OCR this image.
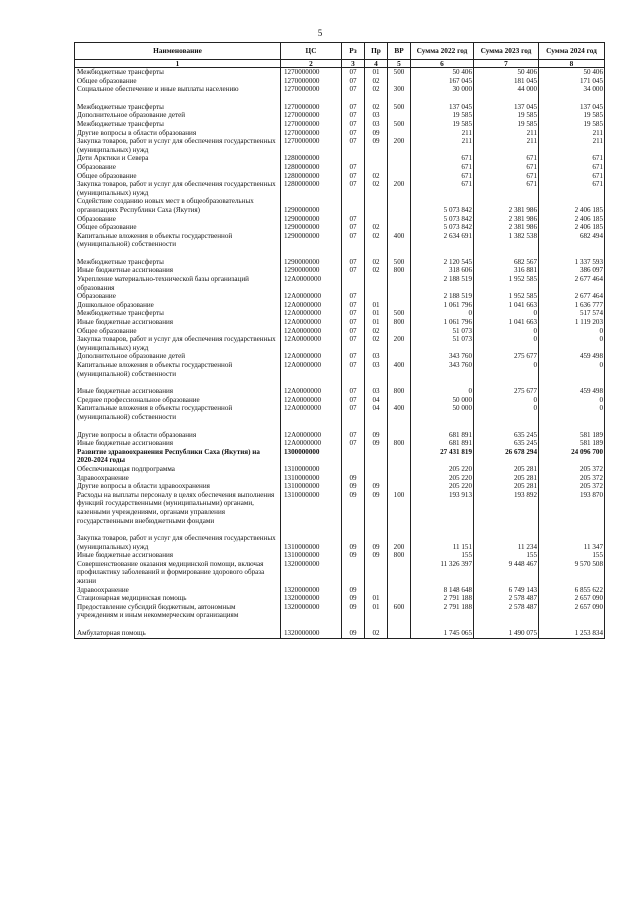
5
Наименование	ЦС	Рз	Пр	ВР	Сумма 2022 год	Сумма 2023 год	Сумма 2024 год
1	2	3	4	5	6	7	8
Межбюджетные трансферты	1270000000	07	01	500	50 406	50 406	50 406
Общее образование	1270000000	07	02		167 045	181 045	171 045
Социальное обеспечение и иные выплаты населению	1270000000	07	02	300	30 000	44 000	34 000

Межбюджетные трансферты	1270000000	07	02	500	137 045	137 045	137 045
Дополнительное образование детей	1270000000	07	03		19 585	19 585	19 585
Межбюджетные трансферты	1270000000	07	03	500	19 585	19 585	19 585
Другие вопросы в области образования	1270000000	07	09		211	211	211
Закупка товаров, работ и услуг для обеспечения государственных (муниципальных) нужд	1270000000	07	09	200	211	211	211
Дети Арктики и Севера	1280000000				671	671	671
Образование	1280000000	07			671	671	671
Общее образование	1280000000	07	02		671	671	671
Закупка товаров, работ и услуг для обеспечения государственных (муниципальных) нужд	1280000000	07	02	200	671	671	671
Содействие созданию новых мест в общеобразовательных организациях Республики Саха (Якутия)	1290000000				5 073 842	2 381 986	2 406 185
Образование	1290000000	07			5 073 842	2 381 986	2 406 185
Общее образование	1290000000	07	02		5 073 842	2 381 986	2 406 185
Капитальные вложения в объекты государственной (муниципальной) собственности	1290000000	07	02	400	2 634 691	1 382 538	682 494

Межбюджетные трансферты	1290000000	07	02	500	2 120 545	682 567	1 337 593
Иные бюджетные ассигнования	1290000000	07	02	800	318 606	316 881	386 097
Укрепление материально-технической базы организаций образования	12A0000000				2 188 519	1 952 585	2 677 464
Образование	12A0000000	07			2 188 519	1 952 585	2 677 464
Дошкольное образование	12A0000000	07	01		1 061 796	1 041 663	1 636 777
Межбюджетные трансферты	12A0000000	07	01	500	0	0	517 574
Иные бюджетные ассигнования	12A0000000	07	01	800	1 061 796	1 041 663	1 119 203
Общее образование	12A0000000	07	02		51 073	0	0
Закупка товаров, работ и услуг для обеспечения государственных (муниципальных) нужд	12A0000000	07	02	200	51 073	0	0
Дополнительное образование детей	12A0000000	07	03		343 760	275 677	459 498
Капитальные вложения в объекты государственной (муниципальной) собственности	12A0000000	07	03	400	343 760	0	0

Иные бюджетные ассигнования	12A0000000	07	03	800	0	275 677	459 498
Среднее профессиональное образование	12A0000000	07	04		50 000	0	0
Капитальные вложения в объекты государственной (муниципальной) собственности	12A0000000	07	04	400	50 000	0	0

Другие вопросы в области образования	12A0000000	07	09		681 891	635 245	581 189
Иные бюджетные ассигнования	12A0000000	07	09	800	681 891	635 245	581 189
Развитие здравоохранения Республики Саха (Якутия) на 2020-2024 годы	1300000000				27 431 819	26 678 294	24 096 700
Обеспечивающая подпрограмма	1310000000				205 220	205 281	205 372
Здравоохранение	1310000000	09			205 220	205 281	205 372
Другие вопросы в области здравоохранения	1310000000	09	09		205 220	205 281	205 372
Расходы на выплаты персоналу в целях обеспечения выполнения функций государственными (муниципальными) органами, казенными учреждениями, органами управления государственными внебюджетными фондами	1310000000	09	09	100	193 913	193 892	193 870

Закупка товаров, работ и услуг для обеспечения государственных (муниципальных) нужд	1310000000	09	09	200	11 151	11 234	11 347
Иные бюджетные ассигнования	1310000000	09	09	800	155	155	155
Совершенствование оказания медицинской помощи, включая профилактику заболеваний и формирование здорового образа жизни	1320000000				11 326 397	9 448 467	9 570 508
Здравоохранение	1320000000	09			8 148 648	6 749 143	6 855 622
Стационарная медицинская помощь	1320000000	09	01		2 791 188	2 578 487	2 657 090
Предоставление субсидий бюджетным, автономным учреждениям и иным некоммерческим организациям	1320000000	09	01	600	2 791 188	2 578 487	2 657 090

Амбулаторная помощь	1320000000	09	02		1 745 065	1 490 075	1 253 834
